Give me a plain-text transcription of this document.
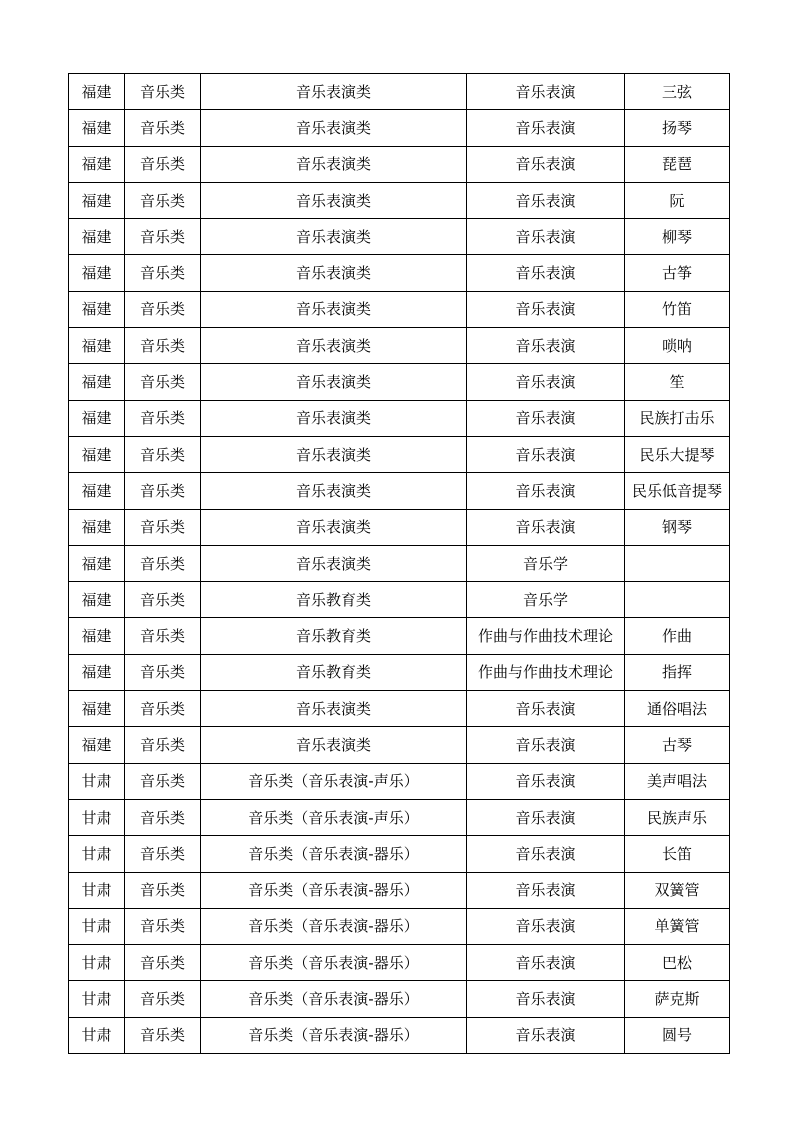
福建	音乐类	音乐表演类	音乐表演	三弦
福建	音乐类	音乐表演类	音乐表演	扬琴
福建	音乐类	音乐表演类	音乐表演	琵琶
福建	音乐类	音乐表演类	音乐表演	阮
福建	音乐类	音乐表演类	音乐表演	柳琴
福建	音乐类	音乐表演类	音乐表演	古筝
福建	音乐类	音乐表演类	音乐表演	竹笛
福建	音乐类	音乐表演类	音乐表演	唢呐
福建	音乐类	音乐表演类	音乐表演	笙
福建	音乐类	音乐表演类	音乐表演	民族打击乐
福建	音乐类	音乐表演类	音乐表演	民乐大提琴
福建	音乐类	音乐表演类	音乐表演	民乐低音提琴
福建	音乐类	音乐表演类	音乐表演	钢琴
福建	音乐类	音乐表演类	音乐学	
福建	音乐类	音乐教育类	音乐学	
福建	音乐类	音乐教育类	作曲与作曲技术理论	作曲
福建	音乐类	音乐教育类	作曲与作曲技术理论	指挥
福建	音乐类	音乐表演类	音乐表演	通俗唱法
福建	音乐类	音乐表演类	音乐表演	古琴
甘肃	音乐类	音乐类（音乐表演-声乐）	音乐表演	美声唱法
甘肃	音乐类	音乐类（音乐表演-声乐）	音乐表演	民族声乐
甘肃	音乐类	音乐类（音乐表演-器乐）	音乐表演	长笛
甘肃	音乐类	音乐类（音乐表演-器乐）	音乐表演	双簧管
甘肃	音乐类	音乐类（音乐表演-器乐）	音乐表演	单簧管
甘肃	音乐类	音乐类（音乐表演-器乐）	音乐表演	巴松
甘肃	音乐类	音乐类（音乐表演-器乐）	音乐表演	萨克斯
甘肃	音乐类	音乐类（音乐表演-器乐）	音乐表演	圆号
